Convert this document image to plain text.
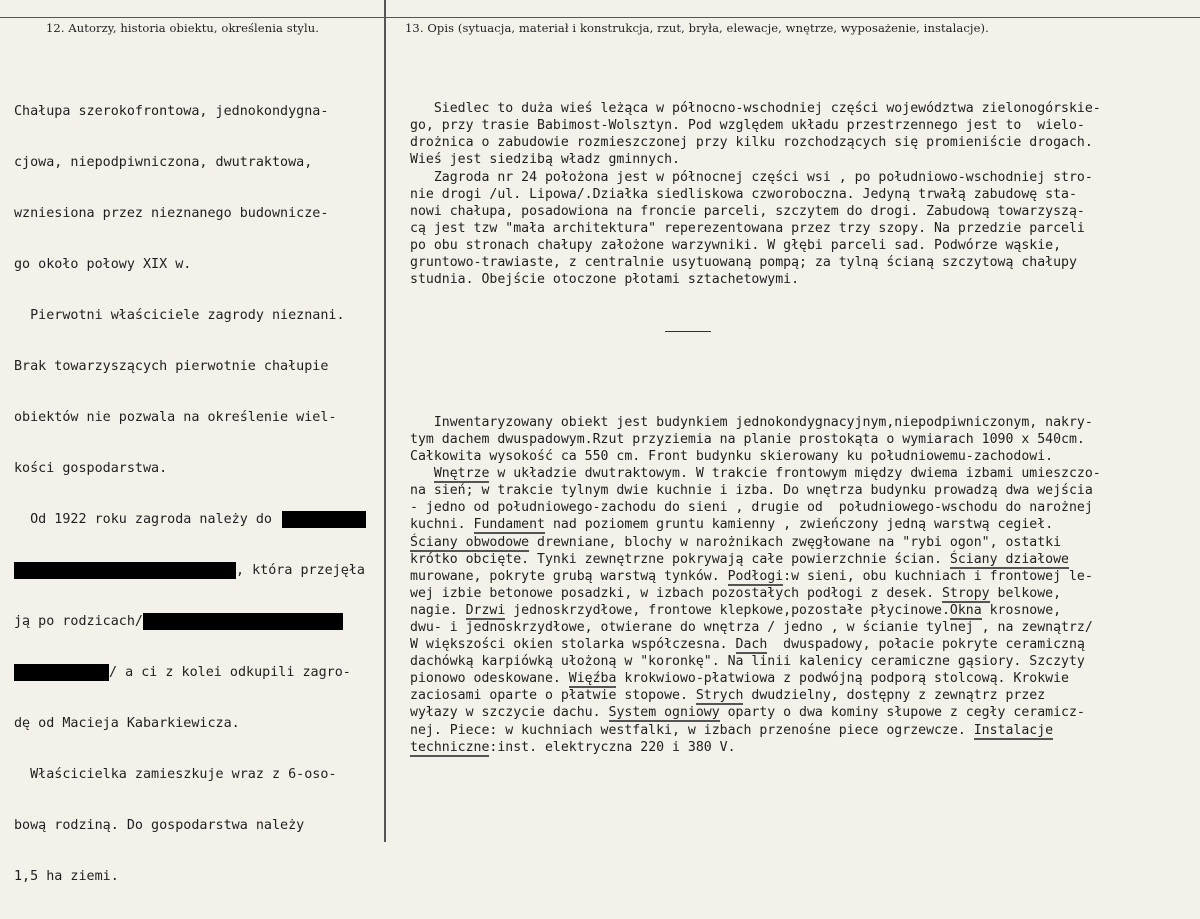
12. Autorzy, historia obiektu, określenia stylu.	13. Opis (sytuacja, materiał i konstrukcja, rzut, bryła, elewacje, wnętrze, wyposażenie, instalacje).

Chałupa szerokofrontowa, jednokondygna-

cjowa, niepodpiwniczona, dwutraktowa,

wzniesiona przez nieznanego budowniczе-

go około połowy XIX w.

Pierwotni właściciele zagrody nieznani.

Brak towarzyszących pierwotnie chałupie

obiektów nie pozwala na określenie wiel-

kości gospodarstwa.

Od 1922 roku zagroda należy do

, która przejęła

ją po rodzicach/

/ a ci z kolei odkupili zagro-

dę od Macieja Kabarkiewicza.

Właścicielka zamieszkuje wraz z 6-oso-

bową rodziną. Do gospodarstwa należy

1,5 ha ziemi.

Siedlec to duża wieś leżąca w północno-wschodniej części województwa zielonogórskie-
go, przy trasie Babimost-Wolsztyn. Pod względem układu przestrzennego jest to  wielo-
drożnica o zabudowie rozmieszczonej przy kilku rozchodzących się promieniście drogach.
Wieś jest siedzibą władz gminnych.
Zagroda nr 24 położona jest w północnej części wsi , po południowo-wschodniej stro-
nie drogi /ul. Lipowa/.Działka siedliskowa czworoboczna. Jedyną trwałą zabudowę sta-
nowi chałupa, posadowiona na froncie parceli, szczytem do drogi. Zabudową towarzyszą-
cą jest tzw "mała architektura" reperezentowana przez trzy szopy. Na przedzie parceli
po obu stronach chałupy założone warzywniki. W głębi parceli sad. Podwórze wąskie,
gruntowo-trawiaste, z centralnie usytuowaną pompą; za tylną ścianą szczytową chałupy
studnia. Obejście otoczone płotami sztachetowymi.

Inwentaryzowany obiekt jest budynkiem jednokondygnacyjnym,niepodpiwniczonym, nakry-
tym dachem dwuspadowym.Rzut przyziemia na planie prostokąta o wymiarach 1090 x 540cm.
Całkowita wysokość ca 550 cm. Front budynku skierowany ku południowemu-zachodowi.
Wnętrze w układzie dwutraktowym. W trakcie frontowym między dwiema izbami umieszczo-
na sień; w trakcie tylnym dwie kuchnie i izba. Do wnętrza budynku prowadzą dwa wejścia
- jedno od południowego-zachodu do sieni , drugie od  południowego-wschodu do narożnej
kuchni. Fundament nad poziomem gruntu kamienny , zwieńczony jedną warstwą cegieł.
Ściany obwodowe drewniane, blochy w narożnikach zwęgłowane na "rybi ogon", ostatki
krótko obcięte. Tynki zewnętrzne pokrywają całe powierzchnie ścian. Ściany działowe
murowane, pokryte grubą warstwą tynków. Podłogi:w sieni, obu kuchniach i frontowej le-
wej izbie betonowe posadzki, w izbach pozostałych podłogi z desek. Stropy belkowe,
nagie. Drzwi jednoskrzydłowe, frontowe klepkowe,pozostałe płycinowe.Okna krosnowe,
dwu- i jednoskrzydłowe, otwierane do wnętrza / jedno , w ścianie tylnej , na zewnątrz/
W większości okien stolarka współczesna. Dach  dwuspadowy, połacie pokryte ceramiczną
dachówką karpiówką ułożoną w "koronkę". Na linii kalenicy ceramiczne gąsiory. Szczyty
pionowo odeskowane. Więźba krokwiowo-płatwiowa z podwójną podporą stolcową. Krokwie
zaciosami oparte o płatwie stopowe. Strych dwudzielny, dostępny z zewnątrz przez
wyłazy w szczycie dachu. System ogniowy oparty o dwa kominy słupowe z cegły ceramicz-
nej. Piece: w kuchniach westfalki, w izbach przenośne piece ogrzewcze. Instalacje
techniczne:inst. elektryczna 220 i 380 V.
